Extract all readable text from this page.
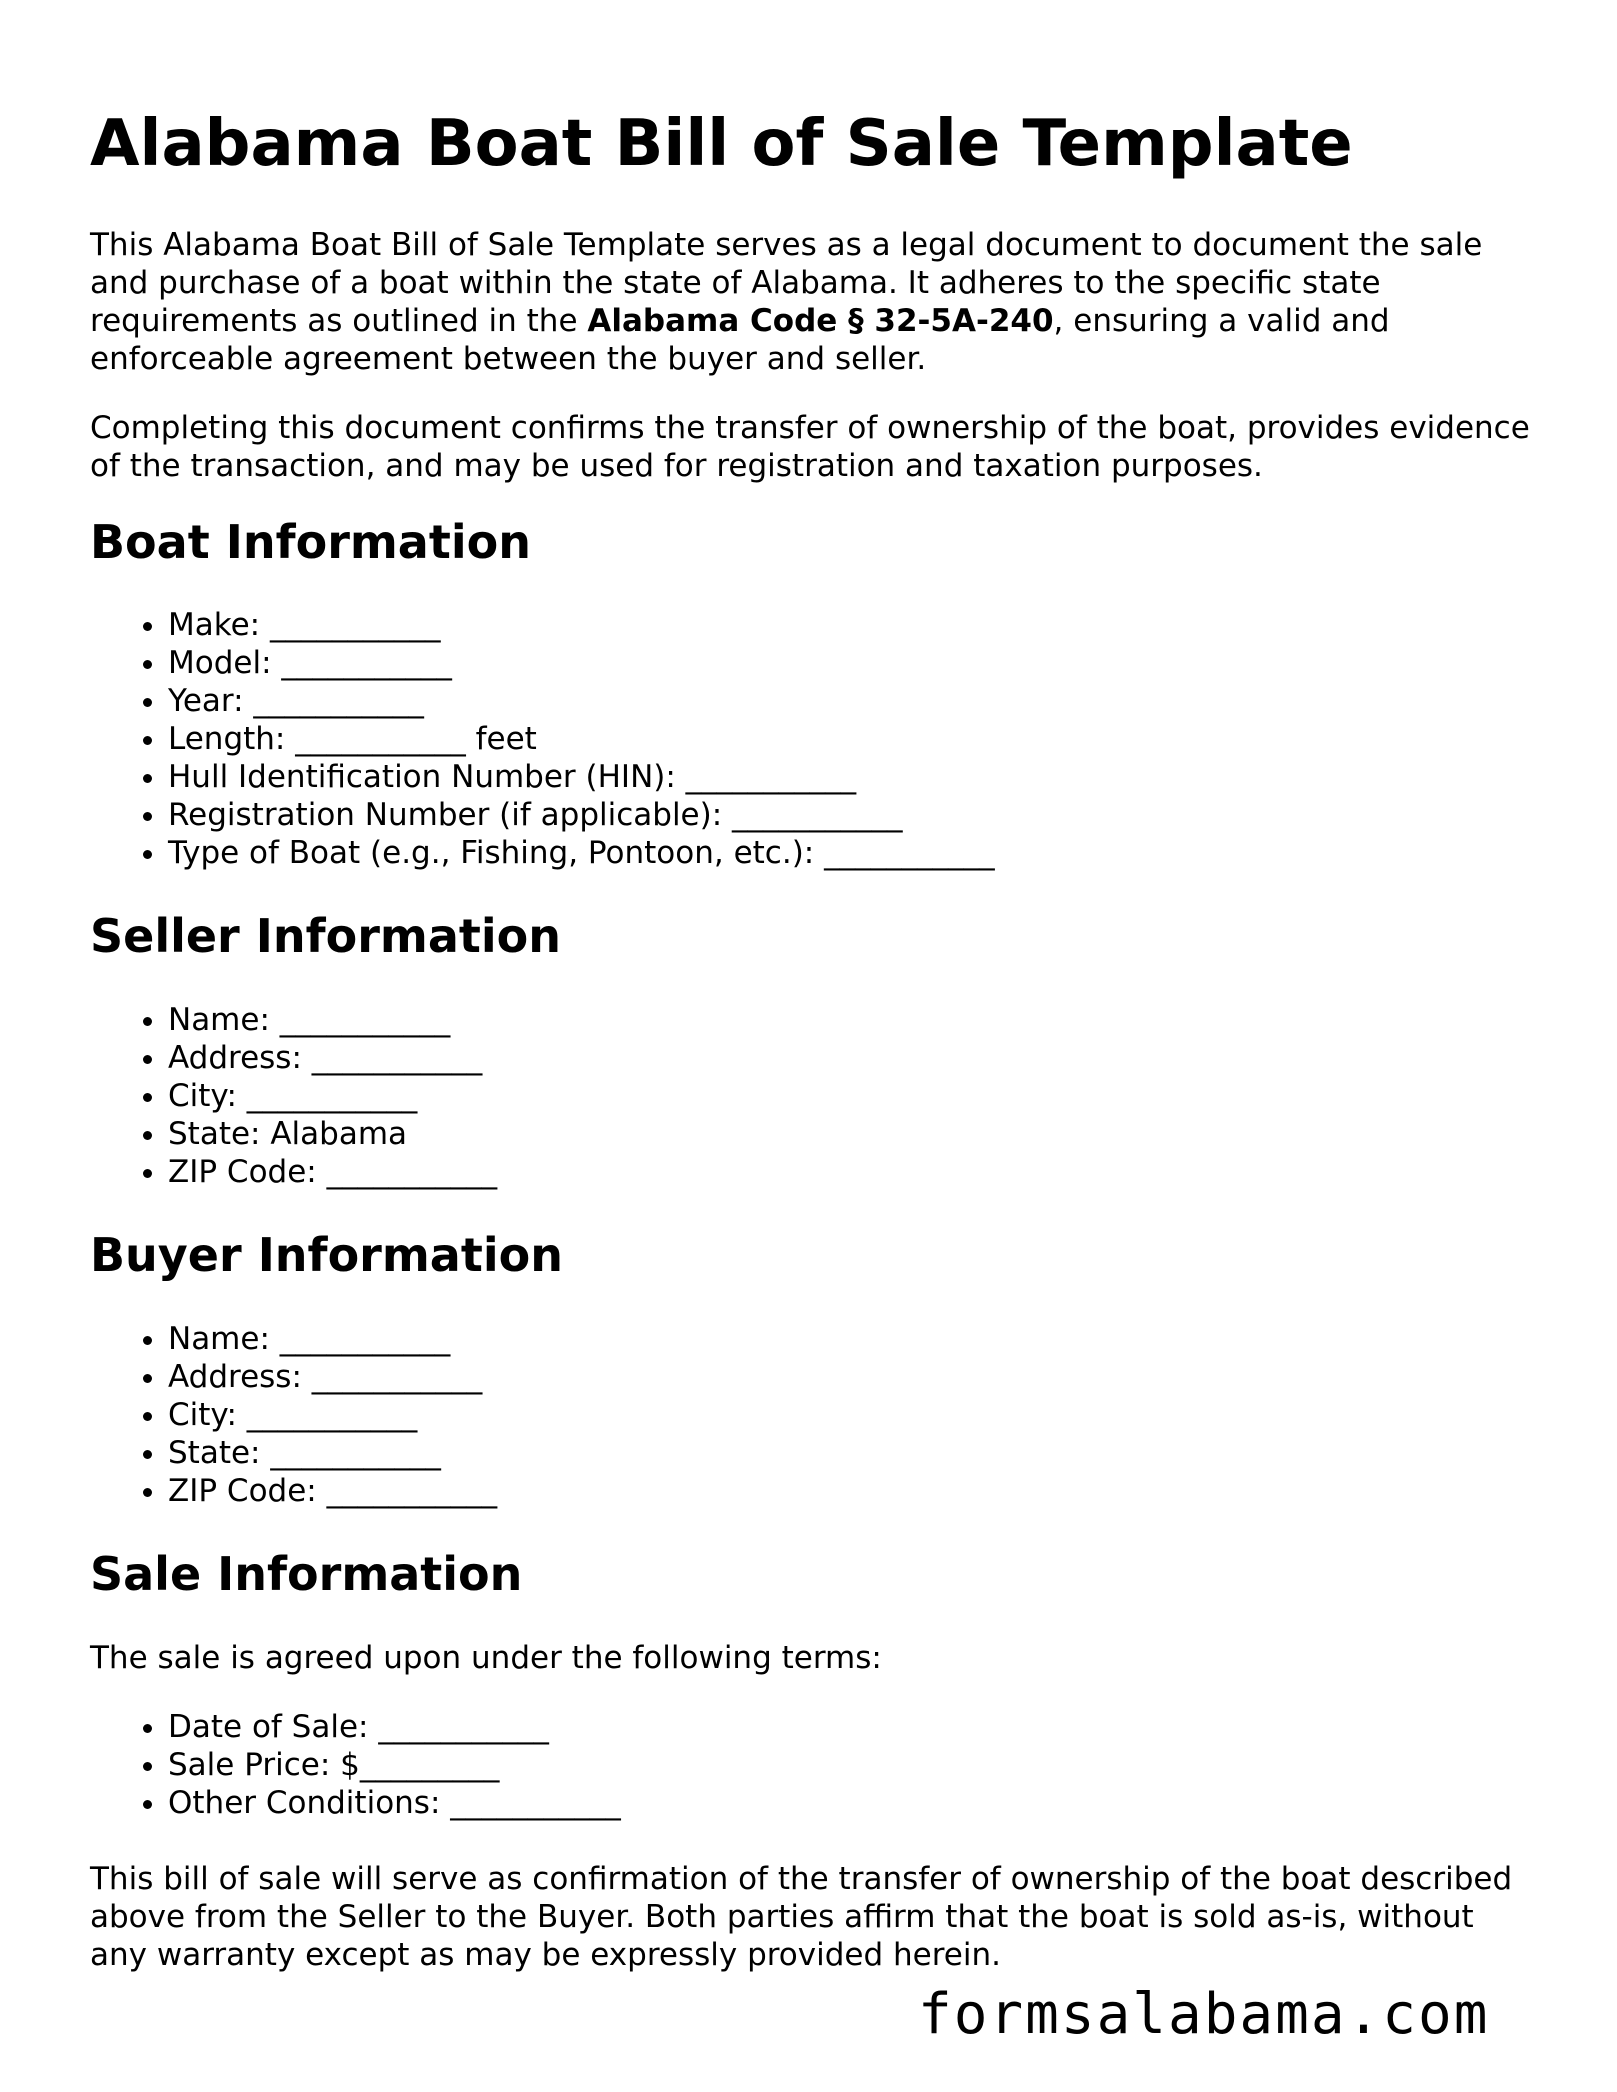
Alabama Boat Bill of Sale Template

This Alabama Boat Bill of Sale Template serves as a legal document to document the sale and purchase of a boat within the state of Alabama. It adheres to the specific state requirements as outlined in the Alabama Code § 32-5A-240, ensuring a valid and enforceable agreement between the buyer and seller.

Completing this document confirms the transfer of ownership of the boat, provides evidence of the transaction, and may be used for registration and taxation purposes.

Boat Information
• Make: ___________
• Model: ___________
• Year: ___________
• Length: ___________ feet
• Hull Identification Number (HIN): ___________
• Registration Number (if applicable): ___________
• Type of Boat (e.g., Fishing, Pontoon, etc.): ___________
Seller Information
• Name: ___________
• Address: ___________
• City: ___________
• State: Alabama
• ZIP Code: ___________
Buyer Information
• Name: ___________
• Address: ___________
• City: ___________
• State: ___________
• ZIP Code: ___________
Sale Information

The sale is agreed upon under the following terms:

• Date of Sale: ___________
• Sale Price: $_________
• Other Conditions: ___________

This bill of sale will serve as confirmation of the transfer of ownership of the boat described above from the Seller to the Buyer. Both parties affirm that the boat is sold as-is, without any warranty except as may be expressly provided herein.

formsalabama.com
